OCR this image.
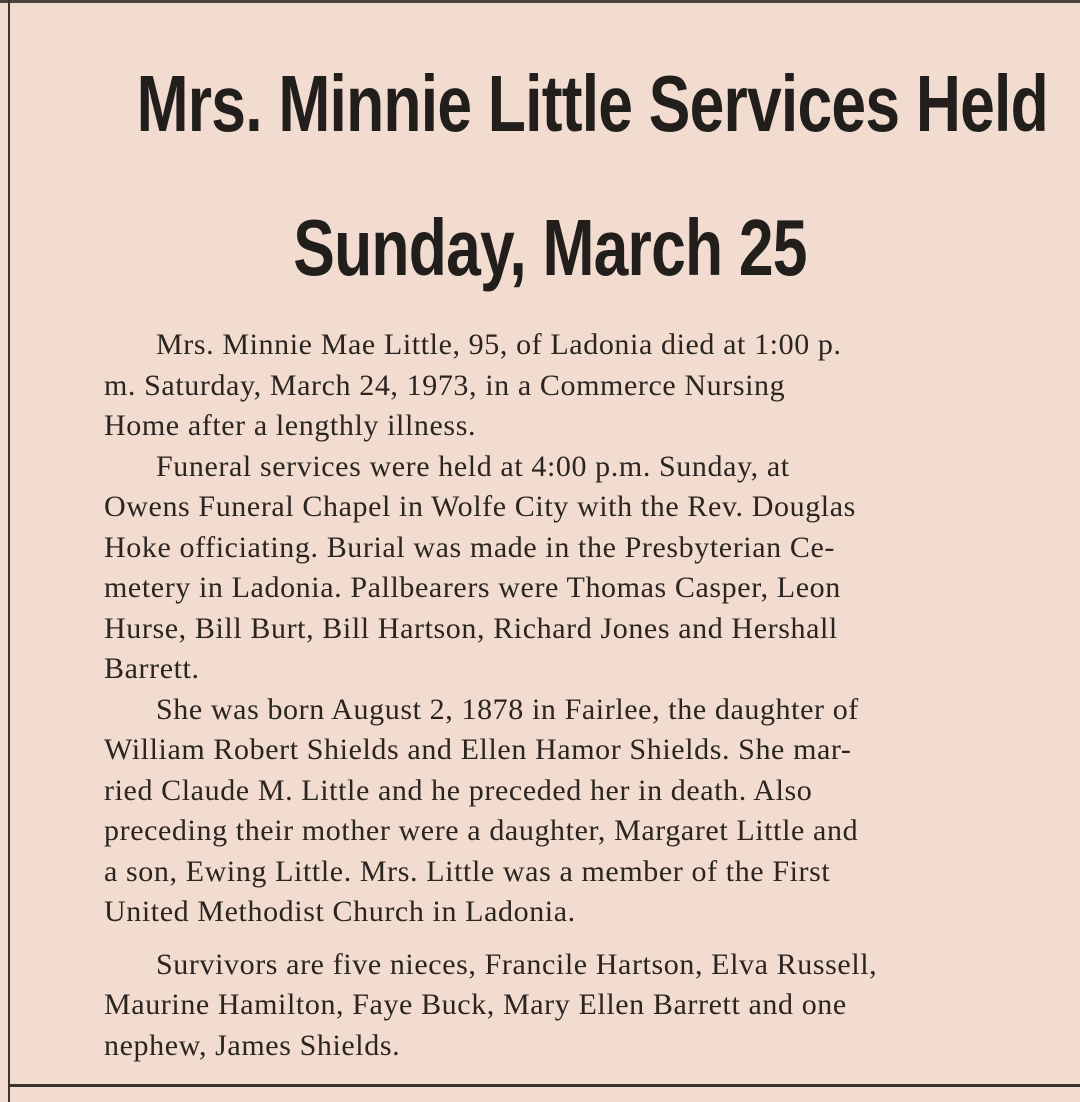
Mrs. Minnie Little Services Held
Sunday, March 25
Mrs. Minnie Mae Little, 95, of Ladonia died at 1:00 p.
m. Saturday, March 24, 1973, in a Commerce Nursing
Home after a lengthly illness.
Funeral services were held at 4:00 p.m. Sunday, at
Owens Funeral Chapel in Wolfe City with the Rev. Douglas
Hoke officiating. Burial was made in the Presbyterian Ce-
metery in Ladonia. Pallbearers were Thomas Casper, Leon
Hurse, Bill Burt, Bill Hartson, Richard Jones and Hershall
Barrett.
She was born August 2, 1878 in Fairlee, the daughter of
William Robert Shields and Ellen Hamor Shields. She mar-
ried Claude M. Little and he preceded her in death. Also
preceding their mother were a daughter, Margaret Little and
a son, Ewing Little. Mrs. Little was a member of the First
United Methodist Church in Ladonia.
Survivors are five nieces, Francile Hartson, Elva Russell,
Maurine Hamilton, Faye Buck, Mary Ellen Barrett and one
nephew, James Shields.
